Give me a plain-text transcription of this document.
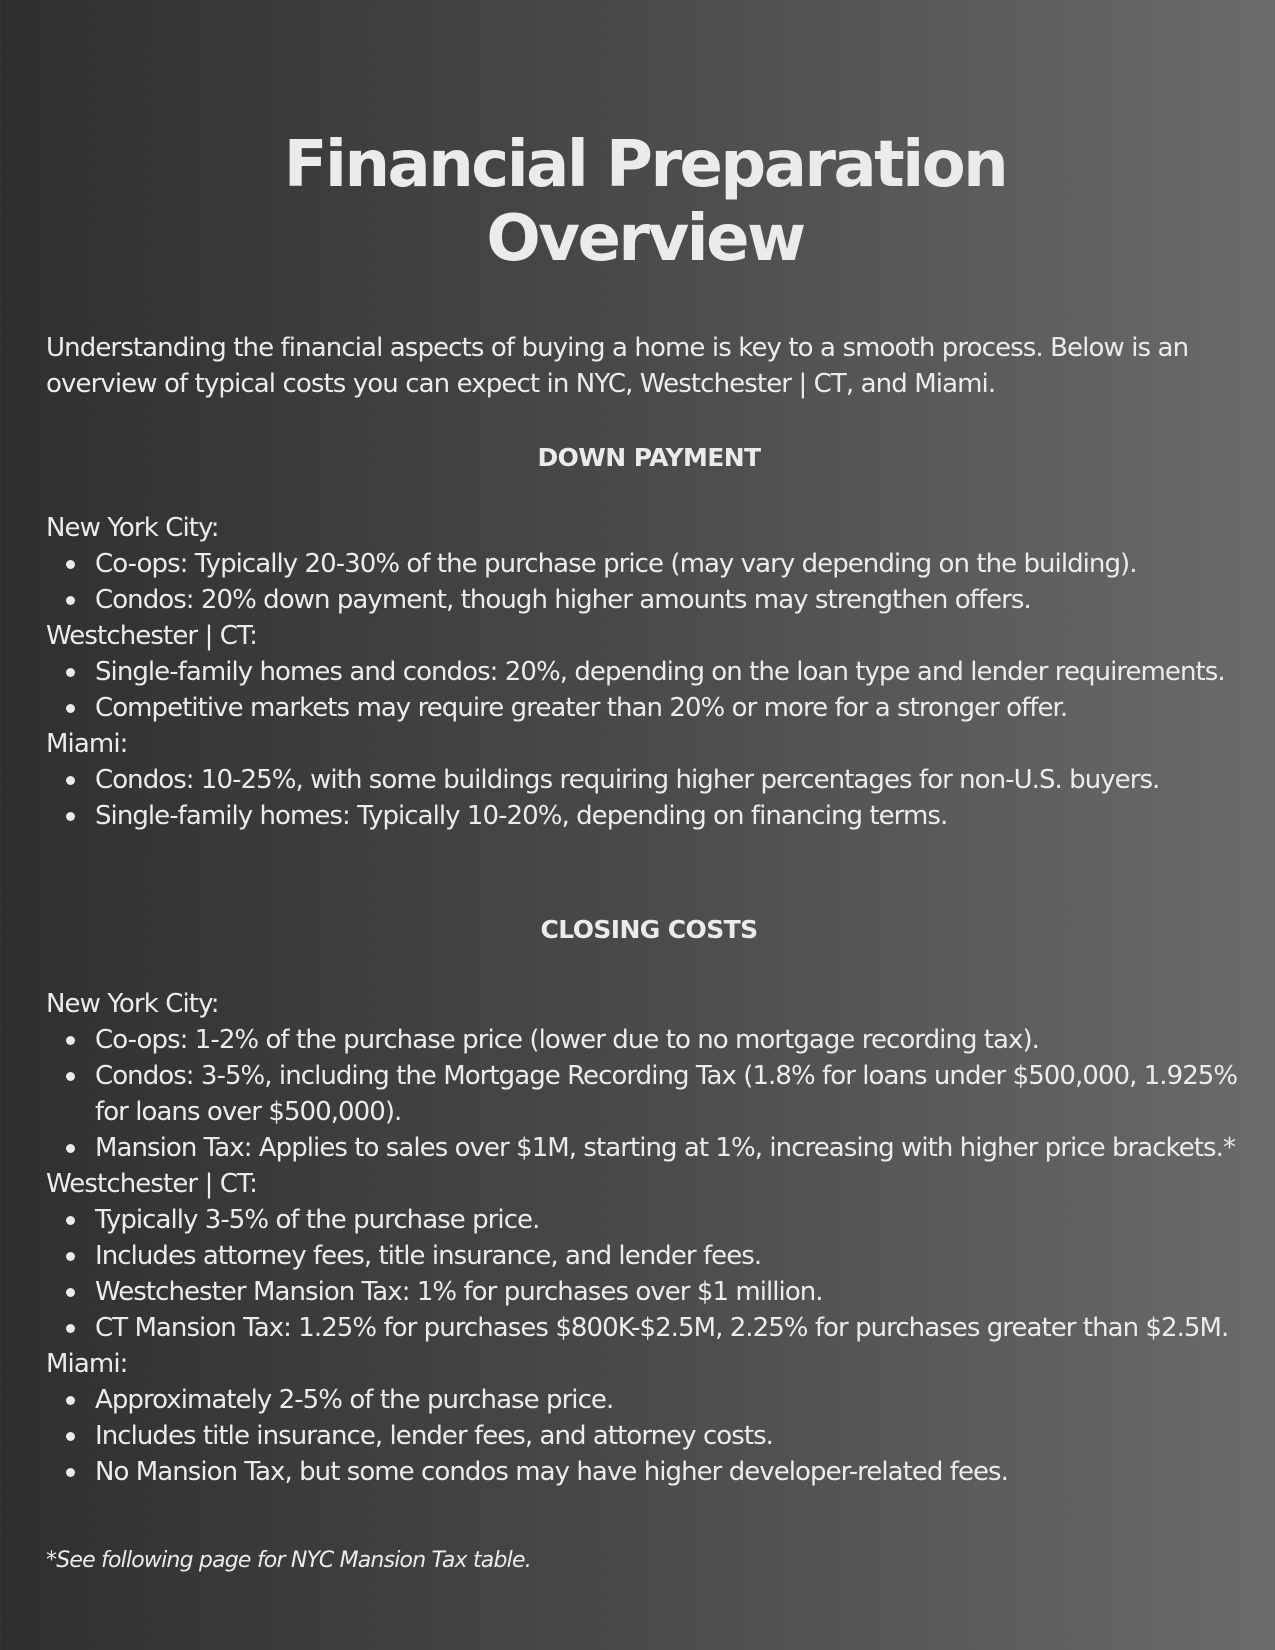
Financial Preparation
Overview

Understanding the financial aspects of buying a home is key to a smooth process. Below is an overview of typical costs you can expect in NYC, Westchester | CT, and Miami.

DOWN PAYMENT

New York City:

Co-ops: Typically 20-30% of the purchase price (may vary depending on the building).
Condos: 20% down payment, though higher amounts may strengthen offers.

Westchester | CT:

Single-family homes and condos: 20%, depending on the loan type and lender requirements.
Competitive markets may require greater than 20% or more for a stronger offer.

Miami:

Condos: 10-25%, with some buildings requiring higher percentages for non-U.S. buyers.
Single-family homes: Typically 10-20%, depending on financing terms.
CLOSING COSTS

New York City:

Co-ops: 1-2% of the purchase price (lower due to no mortgage recording tax).
Condos: 3-5%, including the Mortgage Recording Tax (1.8% for loans under $500,000, 1.925% for loans over $500,000).
Mansion Tax: Applies to sales over $1M, starting at 1%, increasing with higher price brackets.*

Westchester | CT:

Typically 3-5% of the purchase price.
Includes attorney fees, title insurance, and lender fees.
Westchester Mansion Tax: 1% for purchases over $1 million.
CT Mansion Tax: 1.25% for purchases $800K-$2.5M, 2.25% for purchases greater than $2.5M.

Miami:

Approximately 2-5% of the purchase price.
Includes title insurance, lender fees, and attorney costs.
No Mansion Tax, but some condos may have higher developer-related fees.

*See following page for NYC Mansion Tax table.
